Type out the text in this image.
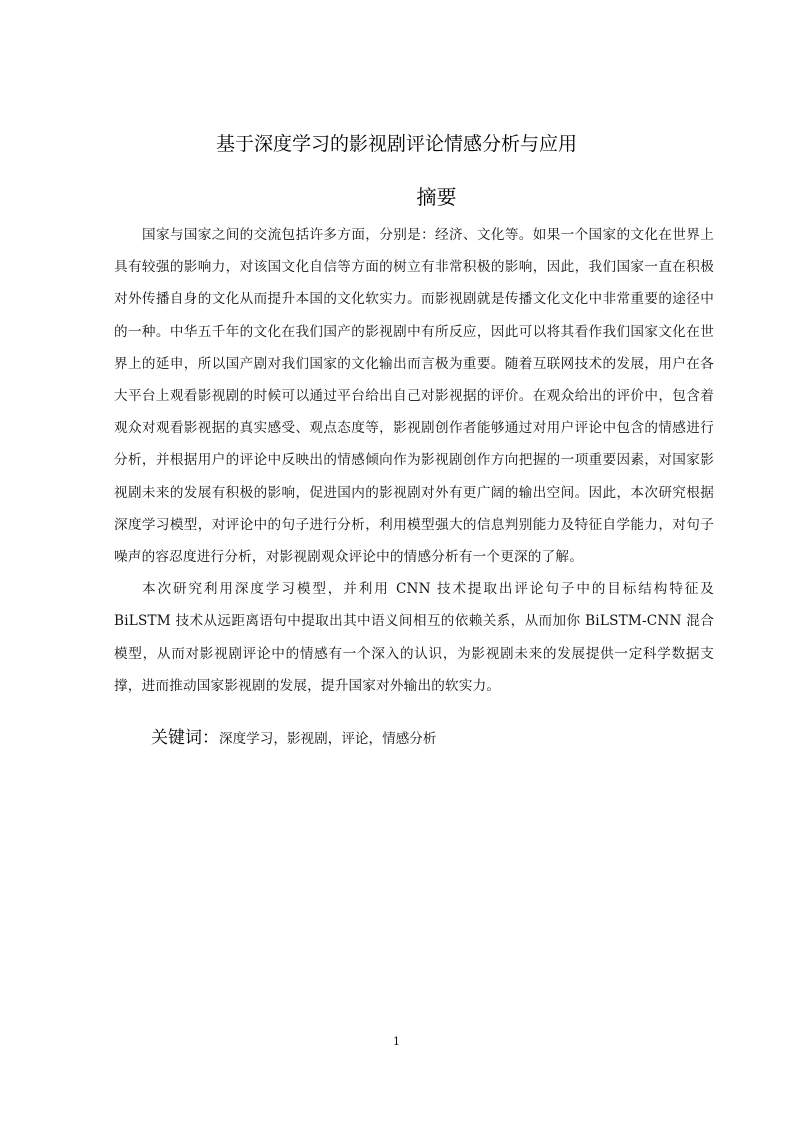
基于深度学习的影视剧评论情感分析与应用
摘要

国家与国家之间的交流包括许多方面，分别是：经济、文化等。如果一个国家的文化在世界上具有较强的影响力，对该国文化自信等方面的树立有非常积极的影响，因此，我们国家一直在积极对外传播自身的文化从而提升本国的文化软实力。而影视剧就是传播文化文化中非常重要的途径中的一种。中华五千年的文化在我们国产的影视剧中有所反应，因此可以将其看作我们国家文化在世界上的延申，所以国产剧对我们国家的文化输出而言极为重要。随着互联网技术的发展，用户在各大平台上观看影视剧的时候可以通过平台给出自己对影视据的评价。在观众给出的评价中，包含着观众对观看影视据的真实感受、观点态度等，影视剧创作者能够通过对用户评论中包含的情感进行分析，并根据用户的评论中反映出的情感倾向作为影视剧创作方向把握的一项重要因素，对国家影视剧未来的发展有积极的影响，促进国内的影视剧对外有更广阔的输出空间。因此，本次研究根据深度学习模型，对评论中的句子进行分析，利用模型强大的信息判别能力及特征自学能力，对句子噪声的容忍度进行分析，对影视剧观众评论中的情感分析有一个更深的了解。

本次研究利用深度学习模型，并利用 CNN 技术提取出评论句子中的目标结构特征及 BiLSTM 技术从远距离语句中提取出其中语义间相互的依赖关系，从而加你 BiLSTM-CNN 混合模型，从而对影视剧评论中的情感有一个深入的认识，为影视剧未来的发展提供一定科学数据支撑，进而推动国家影视剧的发展，提升国家对外输出的软实力。

关键词：深度学习，影视剧，评论，情感分析
1
